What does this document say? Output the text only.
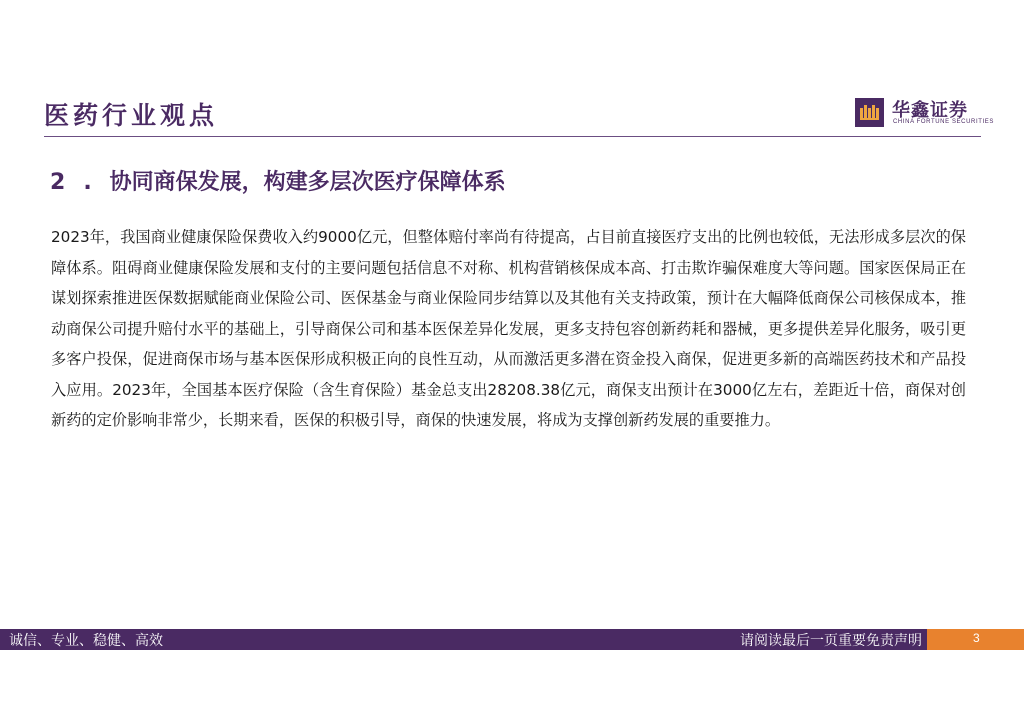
医药行业观点	华鑫证券
CHINA FORTUNE SECURITIES
2 . 协同商保发展，构建多层次医疗保障体系
2023年，我国商业健康保险保费收入约9000亿元，但整体赔付率尚有待提高，占目前直接医疗支出的比例也较低，无法形成多层次的保障体系。阻碍商业健康保险发展和支付的主要问题包括信息不对称、机构营销核保成本高、打击欺诈骗保难度大等问题。国家医保局正在谋划探索推进医保数据赋能商业保险公司、医保基金与商业保险同步结算以及其他有关支持政策，预计在大幅降低商保公司核保成本，推动商保公司提升赔付水平的基础上，引导商保公司和基本医保差异化发展，更多支持包容创新药耗和器械，更多提供差异化服务，吸引更多客户投保，促进商保市场与基本医保形成积极正向的良性互动，从而激活更多潜在资金投入商保，促进更多新的高端医药技术和产品投入应用。2023年，全国基本医疗保险（含生育保险）基金总支出28208.38亿元，商保支出预计在3000亿左右，差距近十倍，商保对创新药的定价影响非常少，长期来看，医保的积极引导，商保的快速发展，将成为支撑创新药发展的重要推力。
诚信、专业、稳健、高效	请阅读最后一页重要免责声明	3
